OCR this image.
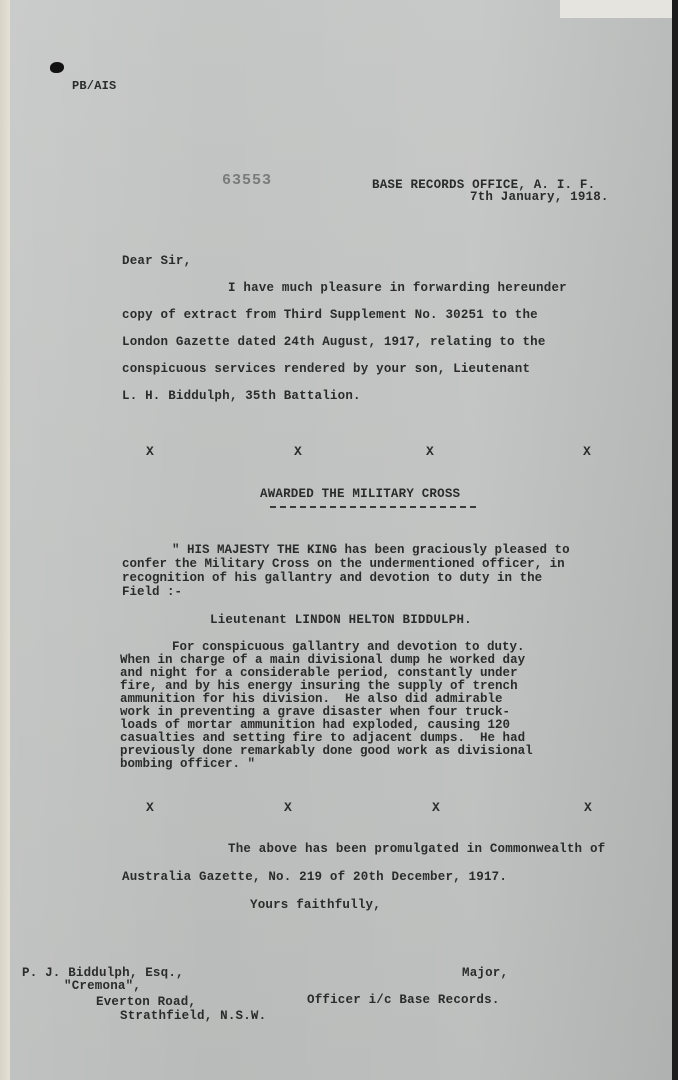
PB/AIS
63553	BASE RECORDS OFFICE, A. I. F.
7th January, 1918.
Dear Sir,
I have much pleasure in forwarding hereunder
copy of extract from Third Supplement No. 30251 to the
London Gazette dated 24th August, 1917, relating to the
conspicuous services rendered by your son, Lieutenant
L. H. Biddulph, 35th Battalion.
X	X	X	X
AWARDED THE MILITARY CROSS
" HIS MAJESTY THE KING has been graciously pleased to
confer the Military Cross on the undermentioned officer, in
recognition of his gallantry and devotion to duty in the
Field :-
Lieutenant LINDON HELTON BIDDULPH.
For conspicuous gallantry and devotion to duty.
When in charge of a main divisional dump he worked day
and night for a considerable period, constantly under
fire, and by his energy insuring the supply of trench
ammunition for his division.  He also did admirable
work in preventing a grave disaster when four truck-
loads of mortar ammunition had exploded, causing 120
casualties and setting fire to adjacent dumps.  He had
previously done remarkably done good work as divisional
bombing officer. "
X	X	X	X
The above has been promulgated in Commonwealth of
Australia Gazette, No. 219 of 20th December, 1917.
Yours faithfully,
Major,
Officer i/c Base Records.
P. J. Biddulph, Esq.,
"Cremona",
Everton Road,
Strathfield, N.S.W.
